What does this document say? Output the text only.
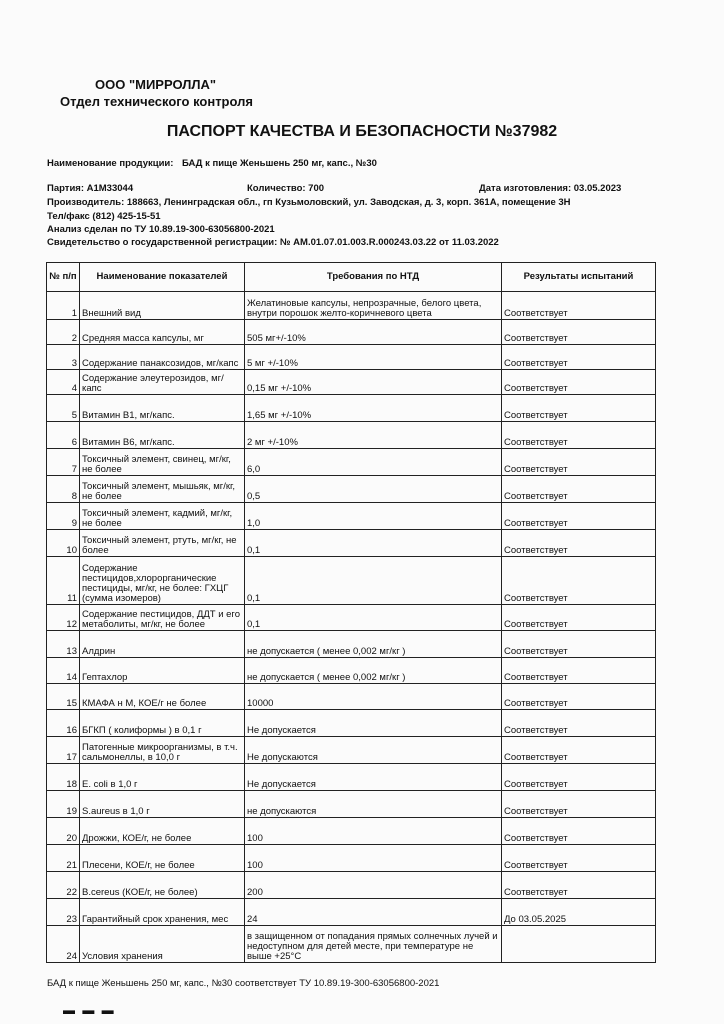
ООО "МИРРОЛЛА"
Отдел технического контроля
ПАСПОРТ КАЧЕСТВА И БЕЗОПАСНОСТИ №37982
Наименование продукции: БАД к пище Женьшень 250 мг, капс., №30
Партия: А1М33044	Количество: 700	Дата изготовления: 03.05.2023
Производитель: 188663, Ленинградская обл., гп Кузьмоловский, ул. Заводская, д. 3, корп. 361А, помещение 3Н
Тел/факс (812) 425-15-51
Анализ сделан по ТУ 10.89.19-300-63056800-2021
Свидетельство о государственной регистрации: № AM.01.07.01.003.R.000243.03.22 от 11.03.2022
№ п/п	Наименование показателей	Требования по НТД	Результаты испытаний
1	Внешний вид	Желатиновые капсулы, непрозрачные, белого цвета, внутри порошок желто-коричневого цвета	Соответствует
2	Средняя масса капсулы, мг	505 мг+/-10%	Соответствует
3	Содержание панаксозидов, мг/капс	5 мг +/-10%	Соответствует
4	Содержание элеутерозидов, мг/капс	0,15 мг +/-10%	Соответствует
5	Витамин В1, мг/капс.	1,65 мг +/-10%	Соответствует
6	Витамин В6, мг/капс.	2 мг +/-10%	Соответствует
7	Токсичный элемент, свинец, мг/кг, не более	6,0	Соответствует
8	Токсичный элемент, мышьяк, мг/кг, не более	0,5	Соответствует
9	Токсичный элемент, кадмий, мг/кг, не более	1,0	Соответствует
10	Токсичный элемент, ртуть, мг/кг, не более	0,1	Соответствует
11	Содержание пестицидов,хлорорганические пестициды, мг/кг, не более: ГХЦГ (сумма изомеров)	0,1	Соответствует
12	Содержание пестицидов, ДДТ и его метаболиты, мг/кг, не более	0,1	Соответствует
13	Алдрин	не допускается ( менее 0,002 мг/кг )	Соответствует
14	Гептахлор	не допускается ( менее 0,002 мг/кг )	Соответствует
15	КМАФА н М, КОЕ/г не более	10000	Соответствует
16	БГКП ( колиформы ) в 0,1 г	Не допускается	Соответствует
17	Патогенные микроорганизмы, в т.ч. сальмонеллы, в 10,0 г	Не допускаются	Соответствует
18	E. coli в 1,0 г	Не допускается	Соответствует
19	S.aureus в 1,0 г	не допускаются	Соответствует
20	Дрожжи, КОЕ/г, не более	100	Соответствует
21	Плесени, КОЕ/г, не более	100	Соответствует
22	B.cereus (КОЕ/г, не более)	200	Соответствует
23	Гарантийный срок хранения, мес	24	До 03.05.2025
24	Условия хранения	в защищенном от попадания прямых солнечных лучей и недоступном для детей месте, при температуре не выше +25°С	
БАД к пище Женьшень 250 мг, капс., №30 соответствует ТУ 10.89.19-300-63056800-2021
▬ ▬ ▬
